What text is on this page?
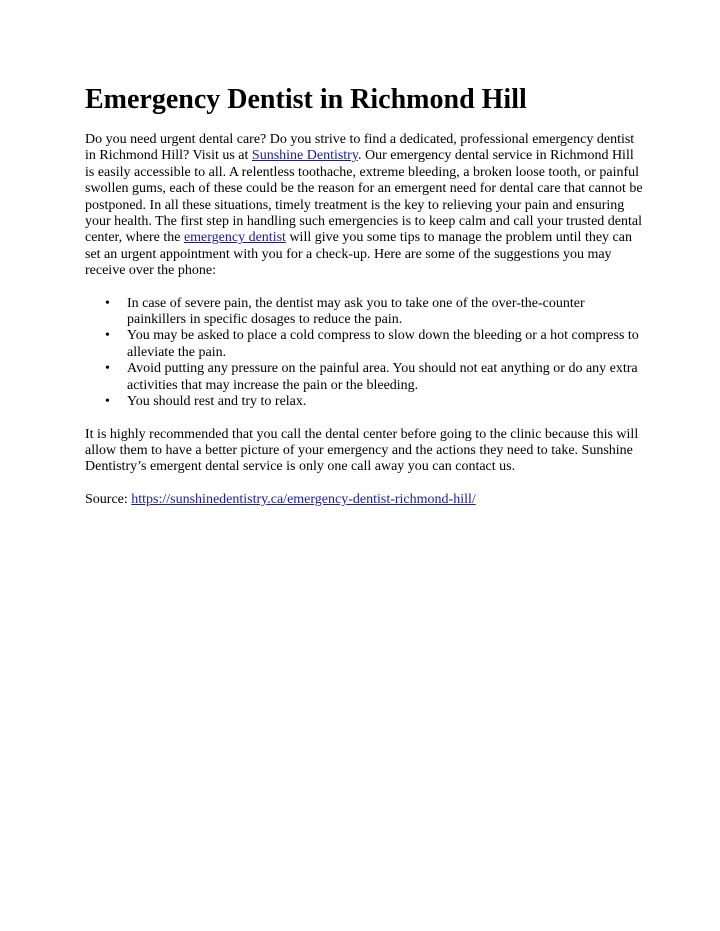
Emergency Dentist in Richmond Hill

Do you need urgent dental care? Do you strive to find a dedicated, professional emergency dentist in Richmond Hill? Visit us at Sunshine Dentistry. Our emergency dental service in Richmond Hill is easily accessible to all. A relentless toothache, extreme bleeding, a broken loose tooth, or painful swollen gums, each of these could be the reason for an emergent need for dental care that cannot be postponed. In all these situations, timely treatment is the key to relieving your pain and ensuring your health. The first step in handling such emergencies is to keep calm and call your trusted dental center, where the emergency dentist will give you some tips to manage the problem until they can set an urgent appointment with you for a check-up. Here are some of the suggestions you may receive over the phone:

• In case of severe pain, the dentist may ask you to take one of the over-the-counter painkillers in specific dosages to reduce the pain.
• You may be asked to place a cold compress to slow down the bleeding or a hot compress to alleviate the pain.
• Avoid putting any pressure on the painful area. You should not eat anything or do any extra activities that may increase the pain or the bleeding.
• You should rest and try to relax.

It is highly recommended that you call the dental center before going to the clinic because this will allow them to have a better picture of your emergency and the actions they need to take. Sunshine Dentistry’s emergent dental service is only one call away you can contact us.

Source: https://sunshinedentistry.ca/emergency-dentist-richmond-hill/
